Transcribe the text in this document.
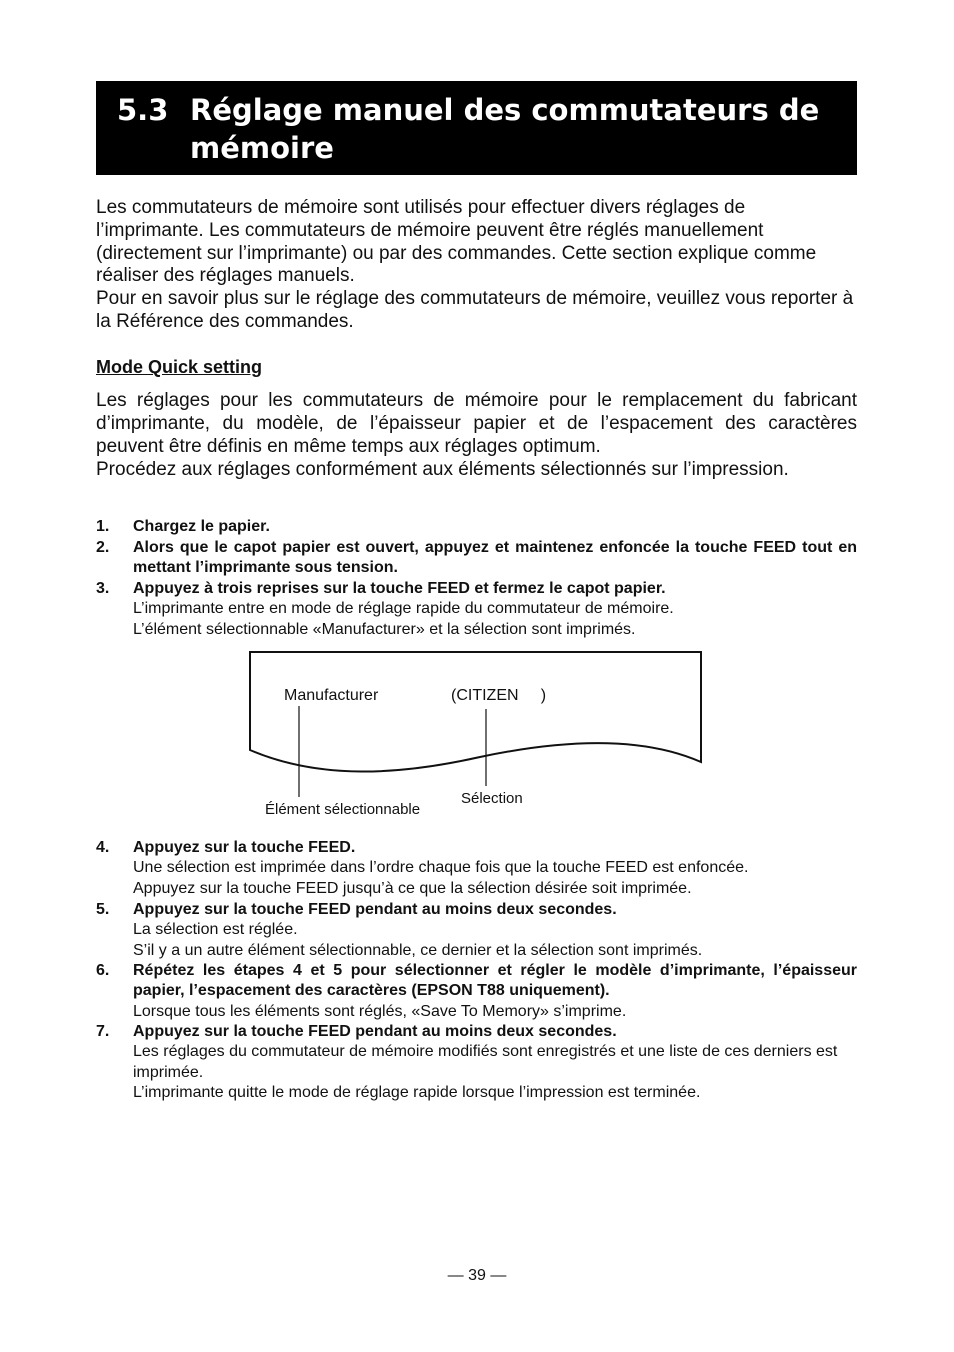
5.3 Réglage manuel des commutateurs de mémoire

Les commutateurs de mémoire sont utilisés pour effectuer divers réglages de l’imprimante. Les commutateurs de mémoire peuvent être réglés manuellement (directement sur l’imprimante) ou par des commandes. Cette section explique comme réaliser des réglages manuels.

Pour en savoir plus sur le réglage des commutateurs de mémoire, veuillez vous reporter à la Référence des commandes.

Mode Quick setting

Les réglages pour les commutateurs de mémoire pour le remplacement du fabricant d’imprimante, du modèle, de l’épaisseur papier et de l’espacement des caractères peuvent être définis en même temps aux réglages optimum.

Procédez aux réglages conformément aux éléments sélectionnés sur l’impression.

1. Chargez le papier.
2. Alors que le capot papier est ouvert, appuyez et maintenez enfoncée la touche FEED tout en mettant l’imprimante sous tension.
3. Appuyez à trois reprises sur la touche FEED et fermez le capot papier.
L’imprimante entre en mode de réglage rapide du commutateur de mémoire.
L’élément sélectionnable «Manufacturer» et la sélection sont imprimés.
Manufacturer	(CITIZEN     )
Élément sélectionnable
Sélection
4. Appuyez sur la touche FEED.
Une sélection est imprimée dans l’ordre chaque fois que la touche FEED est enfoncée.
Appuyez sur la touche FEED jusqu’à ce que la sélection désirée soit imprimée.
5. Appuyez sur la touche FEED pendant au moins deux secondes.
La sélection est réglée.
S’il y a un autre élément sélectionnable, ce dernier et la sélection sont imprimés.
6. Répétez les étapes 4 et 5 pour sélectionner et régler le modèle d’imprimante, l’épaisseur papier, l’espacement des caractères (EPSON T88 uniquement).
Lorsque tous les éléments sont réglés, «Save To Memory» s’imprime.
7. Appuyez sur la touche FEED pendant au moins deux secondes.
Les réglages du commutateur de mémoire modifiés sont enregistrés et une liste de ces derniers est imprimée.
L’imprimante quitte le mode de réglage rapide lorsque l’impression est terminée.
— 39 —
